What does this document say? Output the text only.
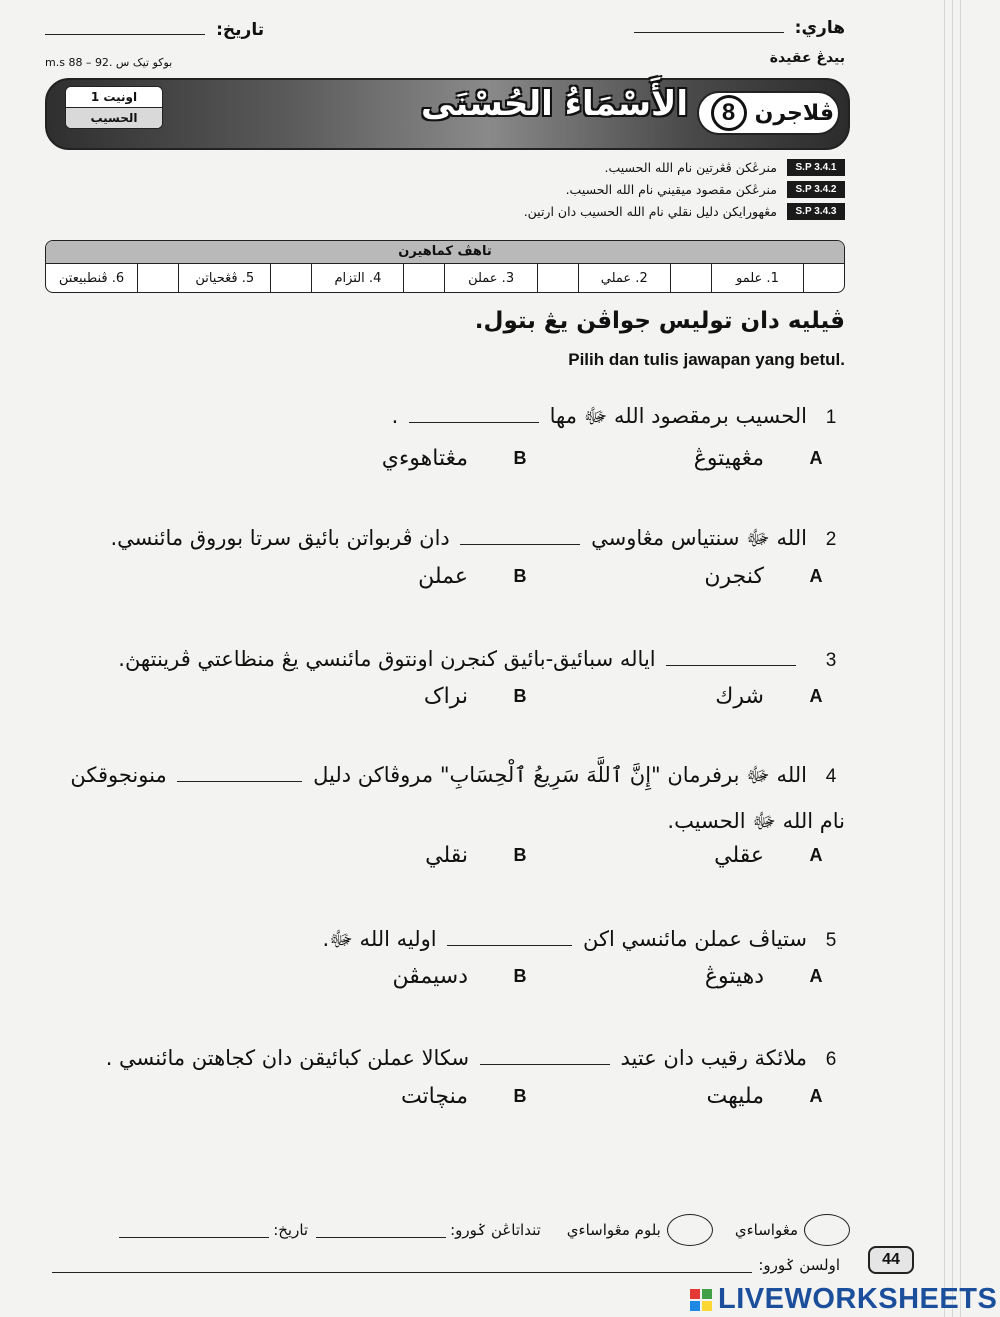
هاري:
تاريخ:
بيدڠ عقيدة
بوكو تيک س .92 – m.s 88
اونيت 1
الحسيب	الأَسْمَاءُ الحُسْنَى	ڤلاجرن
8
S.P 3.4.1
منرڠكن ڤڠرتين نام الله الحسيب.
S.P 3.4.2
منرڠكن مقصود ميقيني نام الله الحسيب.
S.P 3.4.3
مڠهورايكن دليل نقلي نام الله الحسيب دان ارتين.
تاهڤ كماهيرن
1. علمو
2. عملي
3. عملن
4. التزام
5. ڤڠحياتن
6. ڤنطبيعتن
ڤيليه دان توليس جواڤن يڠ بتول.
Pilih dan tulis jawapan yang betul.
1الحسيب برمقصود الله ﷻ مها  .
A
مڠهيتوڠ
B
مڠتاهوءي
2الله ﷻ سنتياس مڠاوسي  دان ڤربواتن بائيق سرتا بوروق مائنسي.
A
كنجرن
B
عملن
3  اياله سبائيق-بائيق كنجرن اونتوق مائنسي يڠ منظاعتي ڤرينتهڽ.
A
شرك
B
نراک
4الله ﷻ برفرمان "إِنَّ ٱللَّهَ سَرِيعُ ٱلْحِسَابِ" مروڤاكن دليل  منونجوقكن نام الله ﷻ الحسيب.
A
عقلي
B
نقلي
5ستياڤ عملن مائنسي اكن  اوليه الله ﷻ.
A
دهيتوڠ
B
دسيمڤن
6ملائكة رقيب دان عتيد  سكالا عملن كبائيقن دان كجاهتن مائنسي .
A
مليهت
B
منچاتت
مڠواساءي
بلوم مڠواساءي
تنداتاڠن ݢورو:
تاريخ:
اولسن ݢورو:	44
LIVEWORKSHEETS
